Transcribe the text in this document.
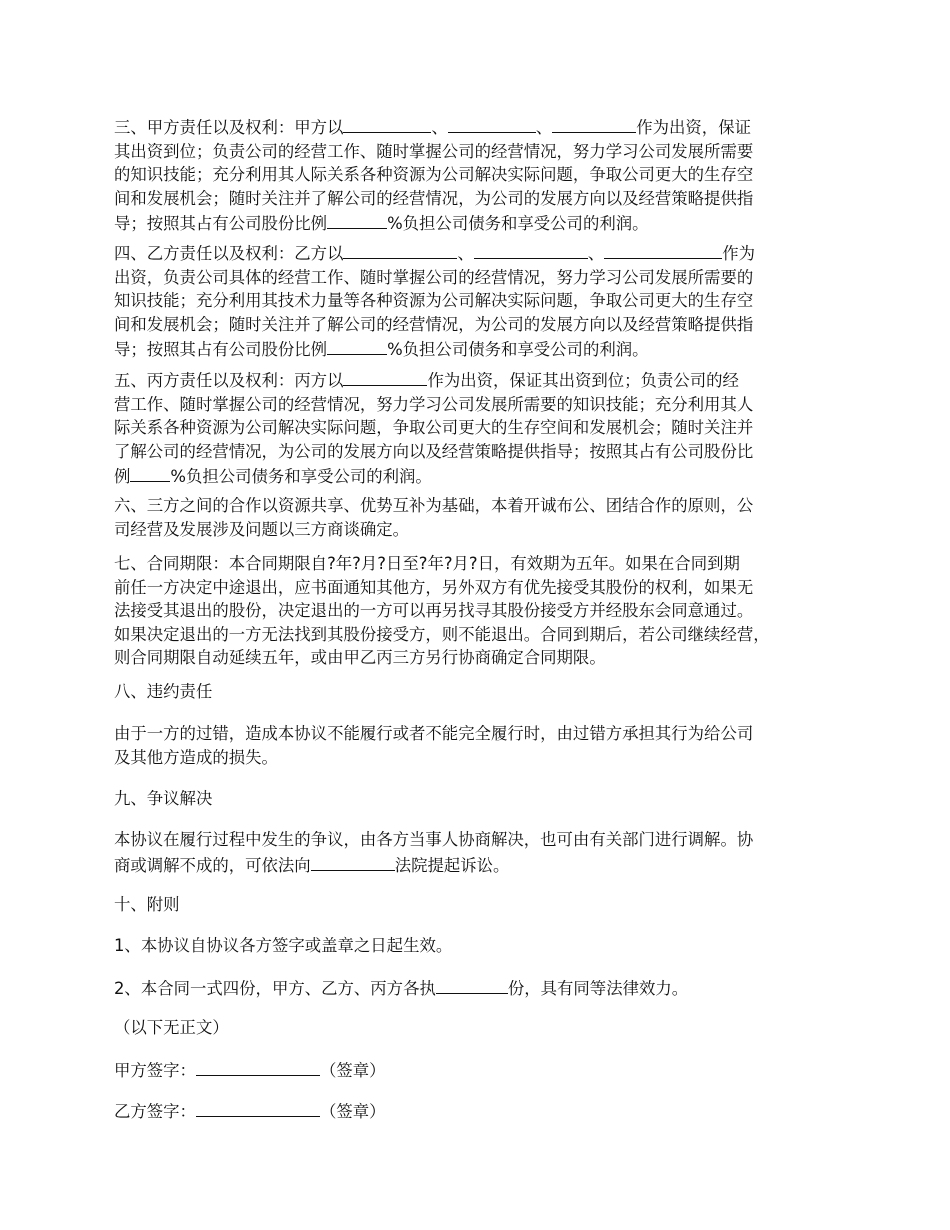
三、甲方责任以及权利：甲方以	、	、	作为出资，保证
其出资到位；负责公司的经营工作、随时掌握公司的经营情况，努力学习公司发展所需要
的知识技能；充分利用其人际关系各种资源为公司解决实际问题，争取公司更大的生存空
间和发展机会；随时关注并了解公司的经营情况，为公司的发展方向以及经营策略提供指
导；按照其占有公司股份比例	%负担公司债务和享受公司的利润。
四、乙方责任以及权利：乙方以	、	、	作为
出资，负责公司具体的经营工作、随时掌握公司的经营情况，努力学习公司发展所需要的
知识技能；充分利用其技术力量等各种资源为公司解决实际问题，争取公司更大的生存空
间和发展机会；随时关注并了解公司的经营情况，为公司的发展方向以及经营策略提供指
导；按照其占有公司股份比例	%负担公司债务和享受公司的利润。
五、丙方责任以及权利：丙方以	作为出资，保证其出资到位；负责公司的经
营工作、随时掌握公司的经营情况，努力学习公司发展所需要的知识技能；充分利用其人
际关系各种资源为公司解决实际问题，争取公司更大的生存空间和发展机会；随时关注并
了解公司的经营情况，为公司的发展方向以及经营策略提供指导；按照其占有公司股份比
例 %负担公司债务和享受公司的利润。
六、三方之间的合作以资源共享、优势互补为基础，本着开诚布公、团结合作的原则，公
司经营及发展涉及问题以三方商谈确定。
七、合同期限：本合同期限自?年?月?日至?年?月?日，有效期为五年。如果在合同到期
前任一方决定中途退出，应书面通知其他方，另外双方有优先接受其股份的权利，如果无
法接受其退出的股份，决定退出的一方可以再另找寻其股份接受方并经股东会同意通过。
如果决定退出的一方无法找到其股份接受方，则不能退出。合同到期后，若公司继续经营，
则合同期限自动延续五年，或由甲乙丙三方另行协商确定合同期限。
八、违约责任
由于一方的过错，造成本协议不能履行或者不能完全履行时，由过错方承担其行为给公司
及其他方造成的损失。
九、争议解决
本协议在履行过程中发生的争议，由各方当事人协商解决，也可由有关部门进行调解。协
商或调解不成的，可依法向	法院提起诉讼。
十、附则
1、本协议自协议各方签字或盖章之日起生效。
2、本合同一式四份，甲方、乙方、丙方各执	份，具有同等法律效力。
（以下无正文）
甲方签字：	（签章）
乙方签字：	（签章）
